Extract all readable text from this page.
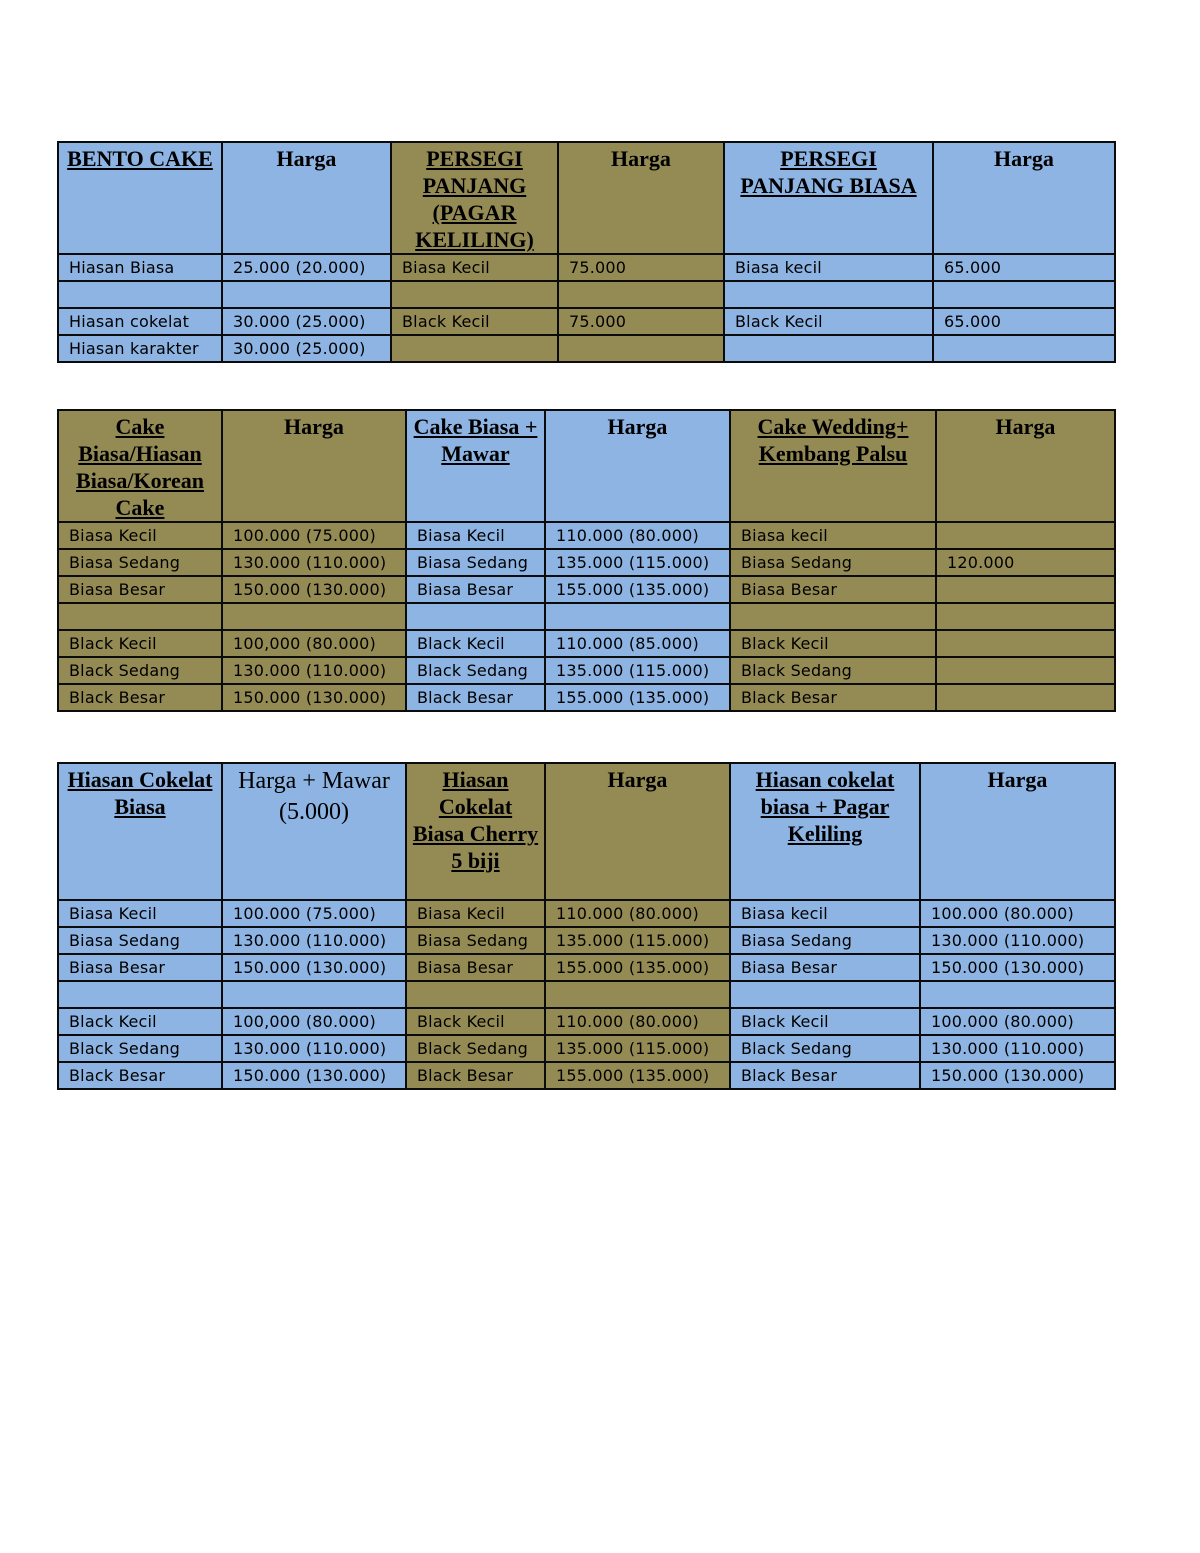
BENTO CAKE	Harga	PERSEGI PANJANG (PAGAR KELILING)	Harga	PERSEGI PANJANG BIASA	Harga
Hiasan Biasa	25.000 (20.000)	Biasa Kecil	75.000	Biasa kecil	65.000

Hiasan cokelat	30.000 (25.000)	Black Kecil	75.000	Black Kecil	65.000
Hiasan karakter	30.000 (25.000)				
Cake Biasa/Hiasan Biasa/Korean Cake	Harga	Cake Biasa + Mawar	Harga	Cake Wedding+ Kembang Palsu	Harga
Biasa Kecil	100.000 (75.000)	Biasa Kecil	110.000 (80.000)	Biasa kecil	
Biasa Sedang	130.000 (110.000)	Biasa Sedang	135.000 (115.000)	Biasa Sedang	120.000
Biasa Besar	150.000 (130.000)	Biasa Besar	155.000 (135.000)	Biasa Besar	

Black Kecil	100,000 (80.000)	Black Kecil	110.000 (85.000)	Black Kecil	
Black Sedang	130.000 (110.000)	Black Sedang	135.000 (115.000)	Black Sedang	
Black Besar	150.000 (130.000)	Black Besar	155.000 (135.000)	Black Besar	
Hiasan Cokelat Biasa	Harga + Mawar (5.000)	Hiasan Cokelat Biasa Cherry 5 biji	Harga	Hiasan cokelat biasa + Pagar Keliling	Harga
Biasa Kecil	100.000 (75.000)	Biasa Kecil	110.000 (80.000)	Biasa kecil	100.000 (80.000)
Biasa Sedang	130.000 (110.000)	Biasa Sedang	135.000 (115.000)	Biasa Sedang	130.000 (110.000)
Biasa Besar	150.000 (130.000)	Biasa Besar	155.000 (135.000)	Biasa Besar	150.000 (130.000)

Black Kecil	100,000 (80.000)	Black Kecil	110.000 (80.000)	Black Kecil	100.000 (80.000)
Black Sedang	130.000 (110.000)	Black Sedang	135.000 (115.000)	Black Sedang	130.000 (110.000)
Black Besar	150.000 (130.000)	Black Besar	155.000 (135.000)	Black Besar	150.000 (130.000)
